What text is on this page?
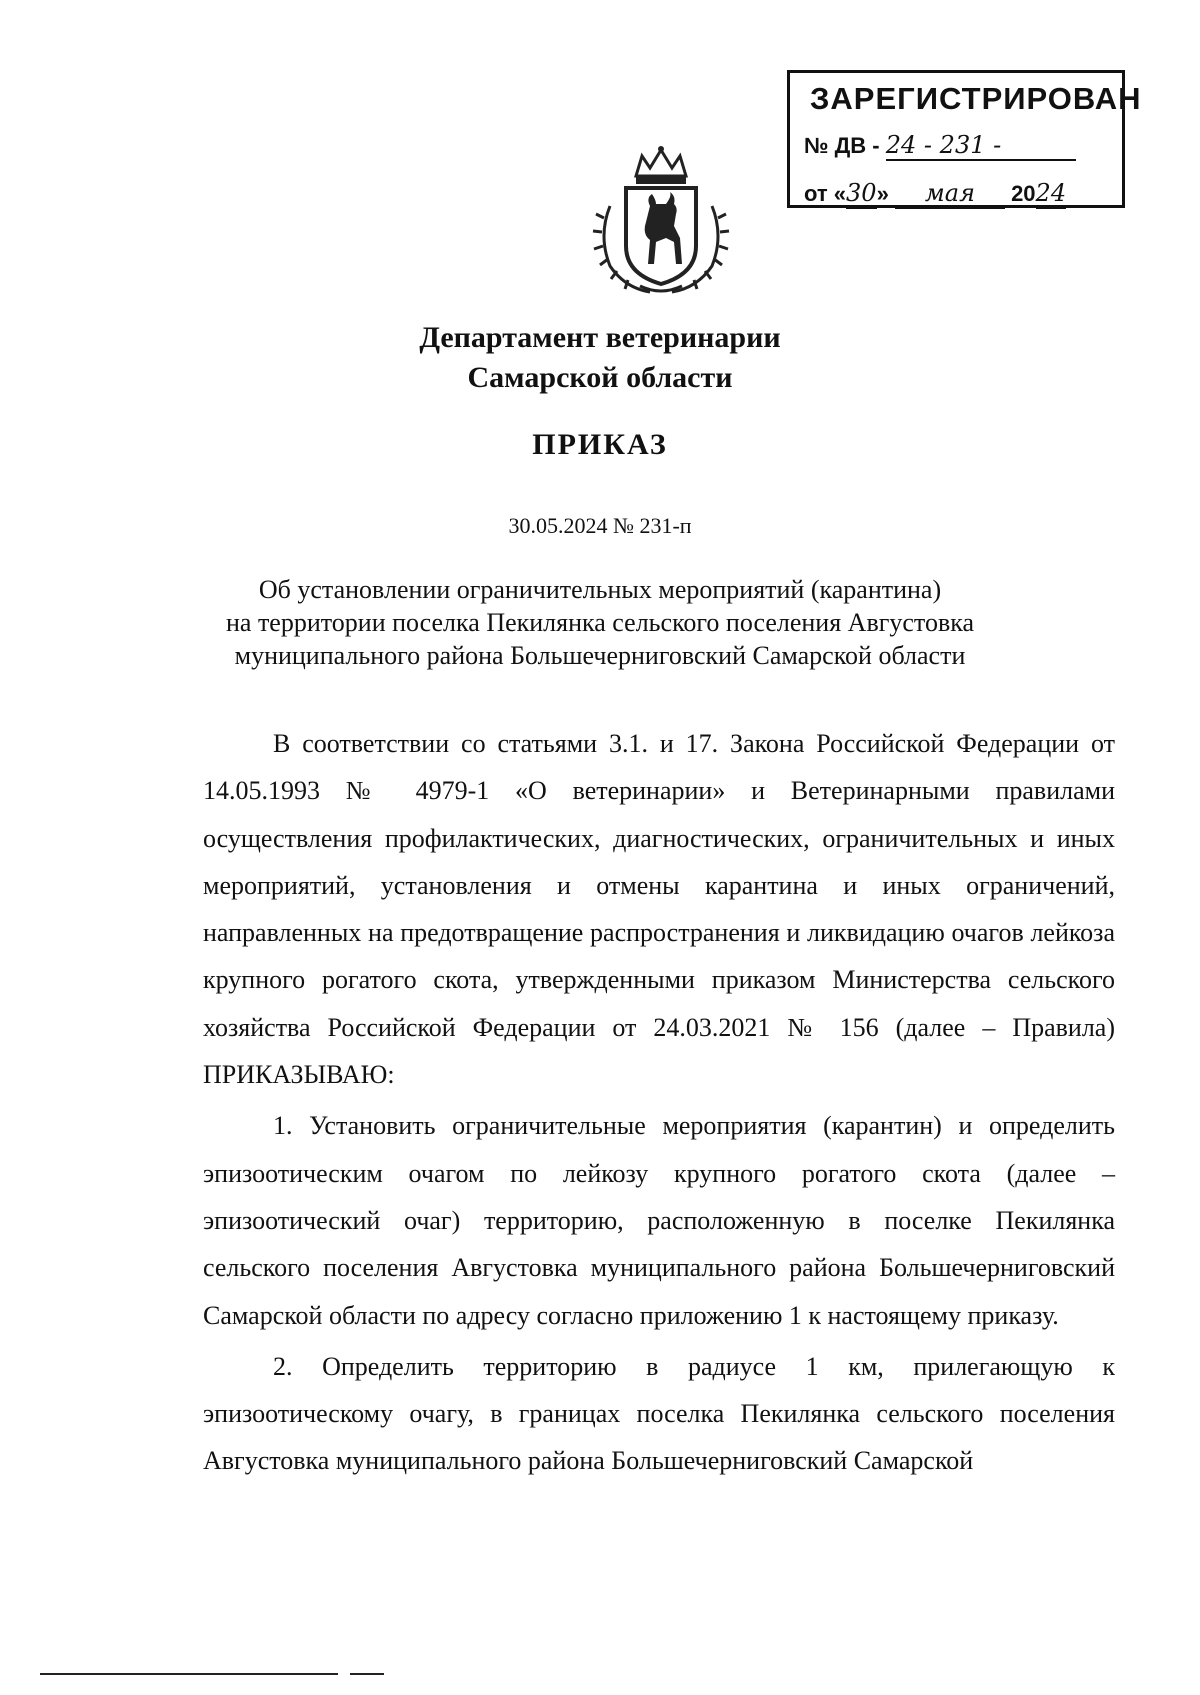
ЗАРЕГИСТРИРОВАН
№ ДВ - 24 - 231 -
от «30» мая 2024
Департамент ветеринарии
Самарской области
ПРИКАЗ
30.05.2024 № 231-п
Об установлении ограничительных мероприятий (карантина)
на территории поселка Пекилянка сельского поселения Августовка
муниципального района Большечерниговский Самарской области

В соответствии со статьями 3.1. и 17. Закона Российской Федерации от 14.05.1993 № 4979-1 «О ветеринарии» и Ветеринарными правилами осуществления профилактических, диагностических, ограничительных и иных мероприятий, установления и отмены карантина и иных ограничений, направленных на предотвращение распространения и ликвидацию очагов лейкоза крупного рогатого скота, утвержденными приказом Министерства сельского хозяйства Российской Федерации от 24.03.2021 № 156 (далее – Правила) ПРИКАЗЫВАЮ:

1. Установить ограничительные мероприятия (карантин) и определить эпизоотическим очагом по лейкозу крупного рогатого скота (далее – эпизоотический очаг) территорию, расположенную в поселке Пекилянка сельского поселения Августовка муниципального района Большечерниговский Самарской области по адресу согласно приложению 1 к настоящему приказу.

2. Определить территорию в радиусе 1 км, прилегающую к эпизоотическому очагу, в границах поселка Пекилянка сельского поселения Августовка муниципального района Большечерниговский Самарской
